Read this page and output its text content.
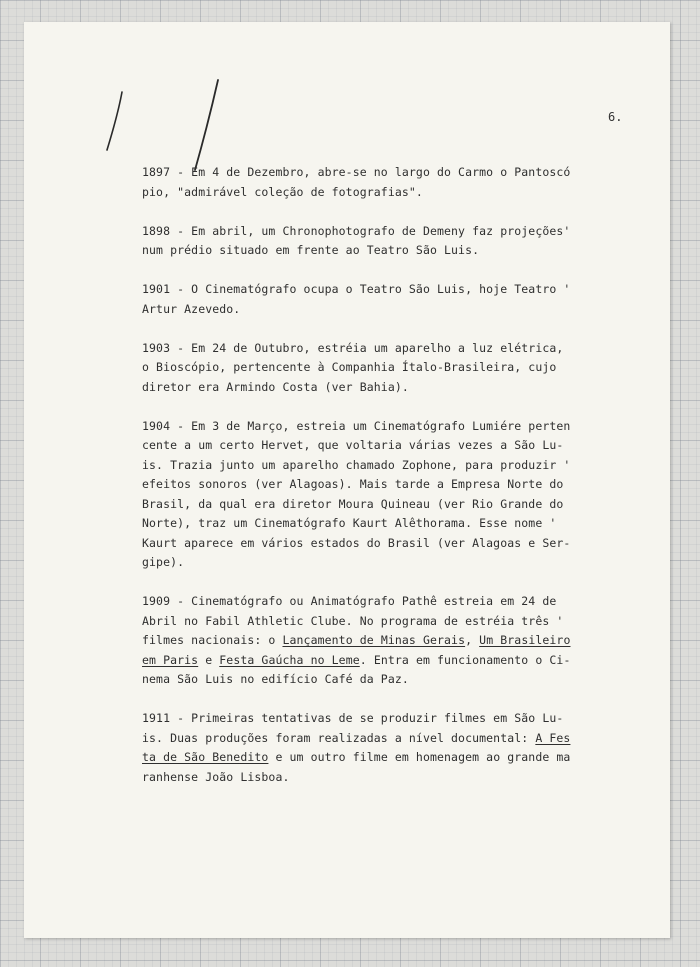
6.
1897 - Em 4 de Dezembro, abre-se no largo do Carmo o Pantoscó
pio, "admirável coleção de fotografias".
1898 - Em abril, um Chronophotografo de Demeny faz projeções'
num prédio situado em frente ao Teatro São Luis.
1901 - O Cinematógrafo ocupa o Teatro São Luis, hoje Teatro '
Artur Azevedo.
1903 - Em 24 de Outubro, estréia um aparelho a luz elétrica,
o Bioscópio, pertencente à Companhia Ítalo-Brasileira, cujo
diretor era Armindo Costa (ver Bahia).
1904 - Em 3 de Março, estreia um Cinematógrafo Lumiére perten
cente a um certo Hervet, que voltaria várias vezes a São Lu-
is. Trazia junto um aparelho chamado Zophone, para produzir '
efeitos sonoros (ver Alagoas). Mais tarde a Empresa Norte do
Brasil, da qual era diretor Moura Quineau (ver Rio Grande do
Norte), traz um Cinematógrafo Kaurt Alêthorama. Esse nome '
Kaurt aparece em vários estados do Brasil (ver Alagoas e Ser-
gipe).
1909 - Cinematógrafo ou Animatógrafo Pathê estreia em 24 de
Abril no Fabil Athletic Clube. No programa de estréia três '
filmes nacionais: o Lançamento de Minas Gerais, Um Brasileiro
em Paris e Festa Gaúcha no Leme. Entra em funcionamento o Ci-
nema São Luis no edifício Café da Paz.
1911 - Primeiras tentativas de se produzir filmes em São Lu-
is. Duas produções foram realizadas a nível documental: A Fes
ta de São Benedito e um outro filme em homenagem ao grande ma
ranhense João Lisboa.
